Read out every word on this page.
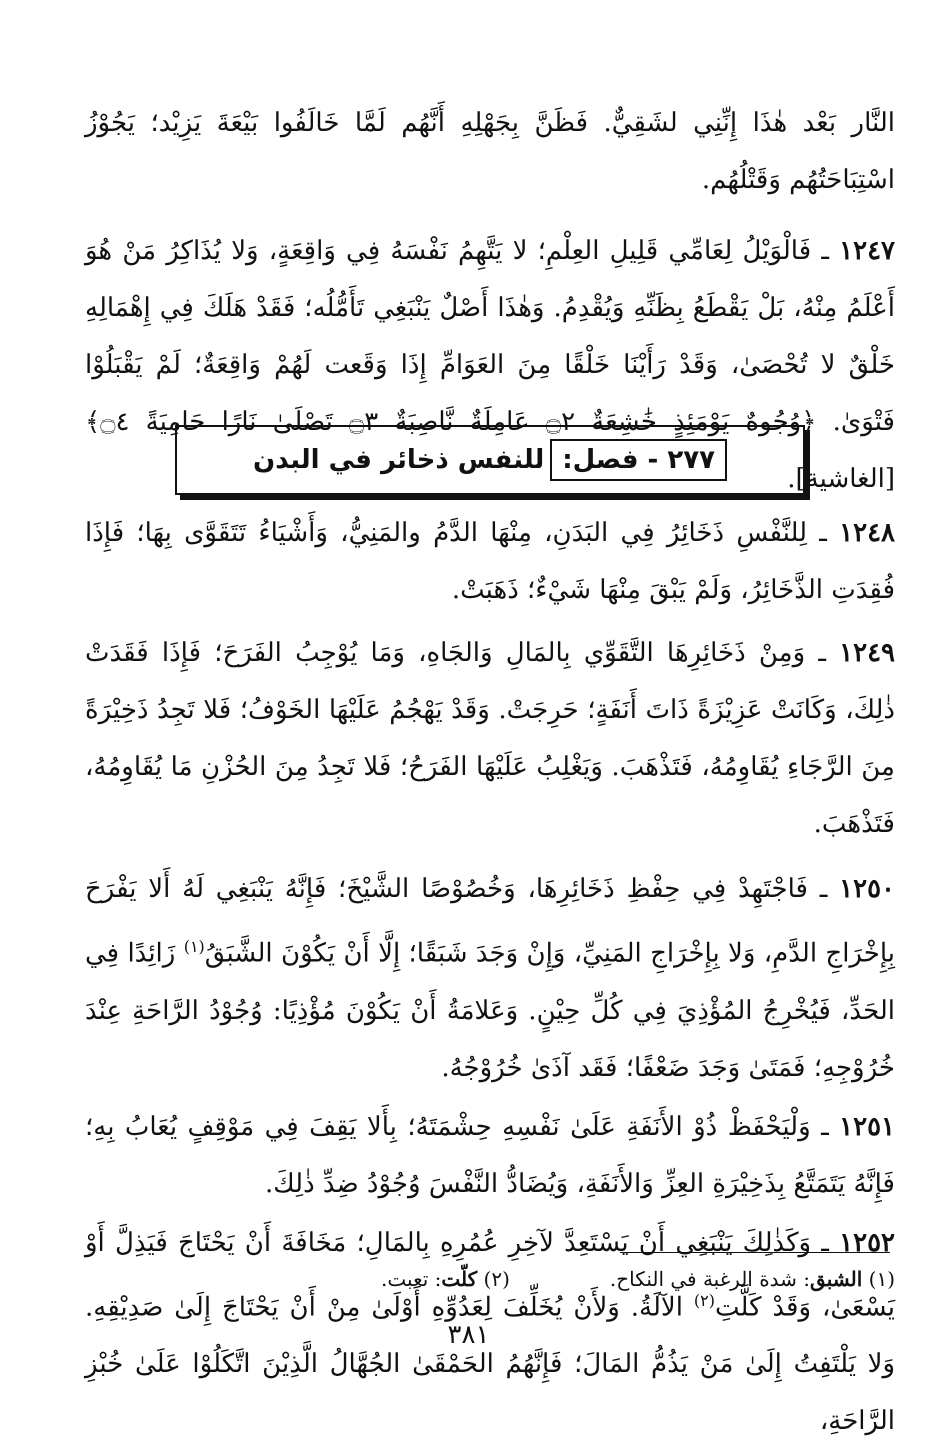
النَّار بَعْد هٰذَا إِنِّنِي لشَقِيٌّ. فَظَنَّ بِجَهْلِهِ أَنَّهُم لَمَّا خَالَفُوا بَيْعَةَ يَزِيْد؛ يَجُوْزُ اسْتِبَاحَتُهُم وَقَتْلُهُم.

١٢٤٧ ـ فَالْوَيْلُ لِعَامِّي قَلِيلِ العِلْمِ؛ لا يَتَّهِمُ نَفْسَهُ فِي وَاقِعَةٍ، وَلا يُذَاكِرُ مَنْ هُوَ أَعْلَمُ مِنْهُ، بَلْ يَقْطَعُ بِظَنِّهِ وَيُقْدِمُ. وَهٰذَا أَصْلٌ يَنْبَغِي تَأَمُّلُه؛ فَقَدْ هَلَكَ فِي إِهْمَالِهِ خَلْقٌ لا تُحْصَىٰ، وَقَدْ رَأَيْنَا خَلْقًا مِنَ العَوَامِّ إِذَا وَقَعت لَهُمْ وَاقِعَةٌ؛ لَمْ يَقْبَلُوْا فَتْوَىٰ. ﴿وُجُوهٌ يَوْمَئِذٍ خَٰشِعَةٌ ۝٢ عَامِلَةٌ نَّاصِبَةٌ ۝٣ تَصْلَىٰ نَارًا حَامِيَةً ۝٤﴾ [الغاشية].

٢٧٧ - فصل:
للنفس ذخائر في البدن

١٢٤٨ ـ لِلنَّفْسِ ذَخَائِرُ فِي البَدَنِ، مِنْهَا الدَّمُ والمَنِيُّ، وَأَشْيَاءُ تَتَقَوَّى بِهَا؛ فَإِذَا فُقِدَتِ الذَّخَائِرُ، وَلَمْ يَبْقَ مِنْهَا شَيْءٌ؛ ذَهَبَتْ.

١٢٤٩ ـ وَمِنْ ذَخَائِرِهَا التَّقَوِّي بِالمَالِ وَالجَاهِ، وَمَا يُوْجِبُ الفَرَحَ؛ فَإِذَا فَقَدَتْ ذٰلِكَ، وَكَانَتْ عَزِيْزَةً ذَاتَ أَنَفَةٍ؛ حَرِجَتْ. وَقَدْ يَهْجُمُ عَلَيْهَا الخَوْفُ؛ فَلا تَجِدُ ذَخِيْرَةً مِنَ الرَّجَاءِ يُقَاوِمُهُ، فَتَذْهَبَ. وَيَغْلِبُ عَلَيْهَا الفَرَحُ؛ فَلا تَجِدُ مِنَ الحُزْنِ مَا يُقَاوِمُهُ، فَتَذْهَبَ.

١٢٥٠ ـ فَاجْتَهِدْ فِي حِفْظِ ذَخَائِرِهَا، وَخُصُوْصًا الشَّيْخَ؛ فَإِنَّهُ يَنْبَغِي لَهُ أَلا يَفْرَحَ بِإِخْرَاجِ الدَّمِ، وَلا بِإِخْرَاجِ المَنِيِّ، وَإِنْ وَجَدَ شَبَقًا؛ إِلَّا أَنْ يَكُوْنَ الشَّبَقُ$^{(١)}$ زَائِدًا فِي الحَدِّ، فَيُخْرِجُ المُؤْذِيَ فِي كُلِّ حِيْنٍ. وَعَلامَةُ أَنْ يَكُوْنَ مُؤْذِيًا: وُجُوْدُ الرَّاحَةِ عِنْدَ خُرُوْجِهِ؛ فَمَتَىٰ وَجَدَ ضَعْفًا؛ فَقَد آذَىٰ خُرُوْجُهُ.

١٢٥١ ـ وَلْيَحْفَظْ ذُوْ الأَنَفَةِ عَلَىٰ نَفْسِهِ حِشْمَتَهُ؛ بِأَلا يَقِفَ فِي مَوْقِفٍ يُعَابُ بِهِ؛ فَإِنَّهُ يَتَمَتَّعُ بِذَخِيْرَةِ العِزِّ وَالأَنَفَةِ، وَيُضَادُّ النَّفْسَ وُجُوْدُ ضِدِّ ذٰلِكَ.

١٢٥٢ ـ وَكَذٰلِكَ يَنْبَغِي أَنْ يَسْتَعِدَّ لآخِرِ عُمُرِهِ بِالمَالِ؛ مَخَافَةَ أَنْ يَحْتَاجَ فَيَذِلَّ أَوْ يَسْعَىٰ، وَقَدْ كَلَّتِ$^{(٢)}$ الآلَةُ. وَلأَنْ يُخَلِّفَ لِعَدُوِّهِ أَوْلَىٰ مِنْ أَنْ يَحْتَاجَ إِلَىٰ صَدِيْقِهِ. وَلا يَلْتَفِتُ إِلَىٰ مَنْ يَذُمُّ المَالَ؛ فَإِنَّهُمُ الحَمْقَىٰ الجُهَّالُ الَّذِيْنَ اتَّكَلُوْا عَلَىٰ خُبْزِ الرَّاحَةِ،

(١) الشبق: شدة الرغبة في النكاح.
(٢) كلّت: تعبت.
٣٨١
